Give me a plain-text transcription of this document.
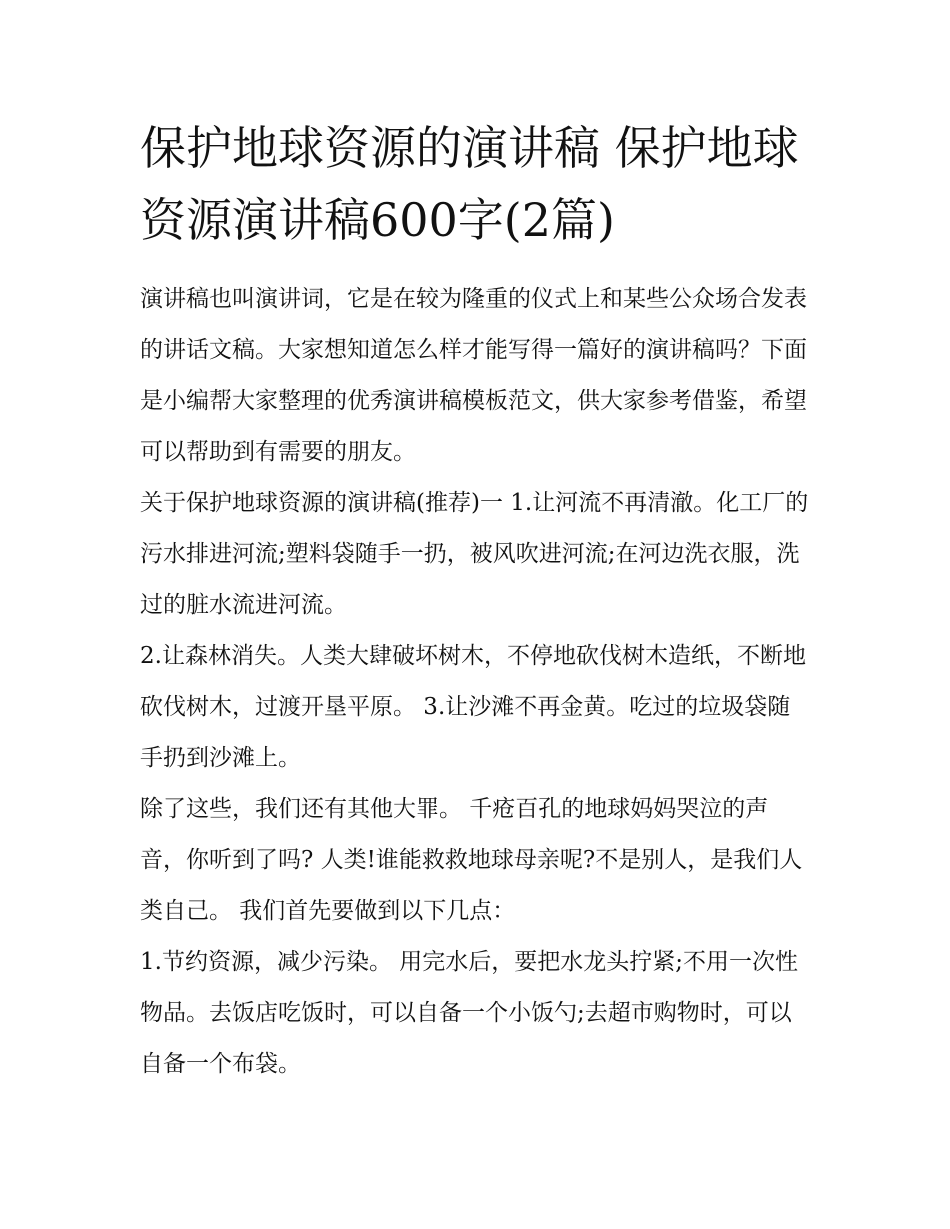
保护地球资源的演讲稿 保护地球资源演讲稿600字(2篇)

演讲稿也叫演讲词，它是在较为隆重的仪式上和某些公众场合发表的讲话文稿。大家想知道怎么样才能写得一篇好的演讲稿吗？下面是小编帮大家整理的优秀演讲稿模板范文，供大家参考借鉴，希望可以帮助到有需要的朋友。

关于保护地球资源的演讲稿(推荐)一 1.让河流不再清澈。化工厂的污水排进河流;塑料袋随手一扔，被风吹进河流;在河边洗衣服，洗过的脏水流进河流。

2.让森林消失。人类大肆破坏树木，不停地砍伐树木造纸，不断地砍伐树木，过渡开垦平原。 3.让沙滩不再金黄。吃过的垃圾袋随手扔到沙滩上。

除了这些，我们还有其他大罪。 千疮百孔的地球妈妈哭泣的声音，你听到了吗? 人类!谁能救救地球母亲呢?不是别人，是我们人类自己。 我们首先要做到以下几点：

1.节约资源，减少污染。 用完水后，要把水龙头拧紧;不用一次性物品。去饭店吃饭时，可以自备一个小饭勺;去超市购物时，可以自备一个布袋。
